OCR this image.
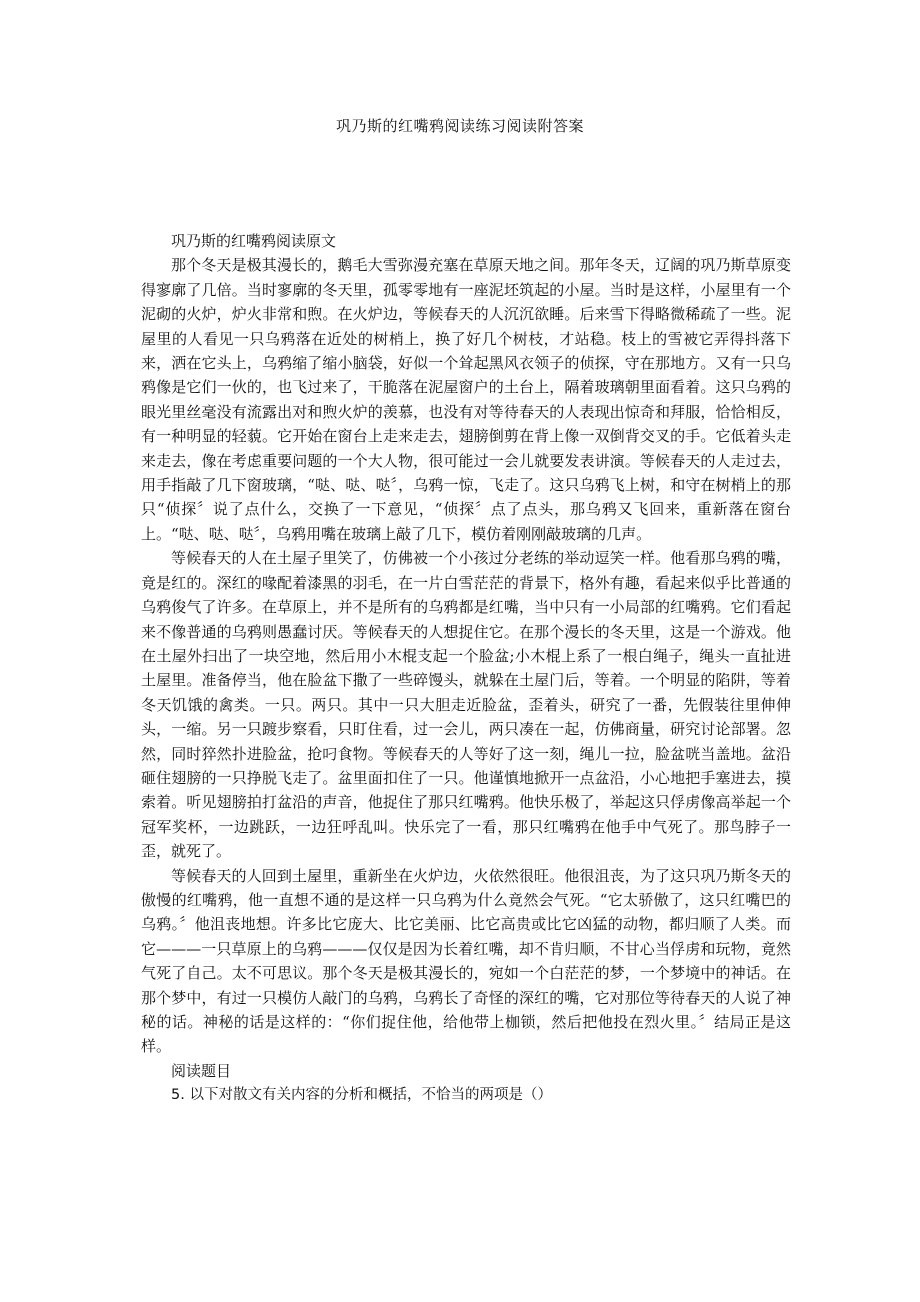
巩乃斯的红嘴鸦阅读练习阅读附答案

巩乃斯的红嘴鸦阅读原文

那个冬天是极其漫长的，鹅毛大雪弥漫充塞在草原天地之间。那年冬天，辽阔的巩乃斯草原变得寥廓了几倍。当时寥廓的冬天里，孤零零地有一座泥坯筑起的小屋。当时是这样，小屋里有一个泥砌的火炉，炉火非常和煦。在火炉边，等候春天的人沉沉欲睡。后来雪下得略微稀疏了一些。泥屋里的人看见一只乌鸦落在近处的树梢上，换了好几个树枝，才站稳。枝上的雪被它弄得抖落下来，洒在它头上，乌鸦缩了缩小脑袋，好似一个耸起黑风衣领子的侦探，守在那地方。又有一只乌鸦像是它们一伙的，也飞过来了，干脆落在泥屋窗户的土台上，隔着玻璃朝里面看着。这只乌鸦的眼光里丝毫没有流露出对和煦火炉的羡慕，也没有对等待春天的人表现出惊奇和拜服，恰恰相反，有一种明显的轻藐。它开始在窗台上走来走去，翅膀倒剪在背上像一双倒背交叉的手。它低着头走来走去，像在考虑重要问题的一个大人物，很可能过一会儿就要发表讲演。等候春天的人走过去，用手指敲了几下窗玻璃，“哒、哒、哒〞，乌鸦一惊，飞走了。这只乌鸦飞上树，和守在树梢上的那只“侦探〞说了点什么，交换了一下意见，“侦探〞点了点头，那乌鸦又飞回来，重新落在窗台上。“哒、哒、哒〞，乌鸦用嘴在玻璃上敲了几下，模仿着刚刚敲玻璃的几声。

等候春天的人在土屋子里笑了，仿佛被一个小孩过分老练的举动逗笑一样。他看那乌鸦的嘴，竟是红的。深红的喙配着漆黑的羽毛，在一片白雪茫茫的背景下，格外有趣，看起来似乎比普通的乌鸦俊气了许多。在草原上，并不是所有的乌鸦都是红嘴，当中只有一小局部的红嘴鸦。它们看起来不像普通的乌鸦则愚蠢讨厌。等候春天的人想捉住它。在那个漫长的冬天里，这是一个游戏。他在土屋外扫出了一块空地，然后用小木棍支起一个脸盆;小木棍上系了一根白绳子，绳头一直扯进土屋里。准备停当，他在脸盆下撒了一些碎馒头，就躲在土屋门后，等着。一个明显的陷阱，等着冬天饥饿的禽类。一只。两只。其中一只大胆走近脸盆，歪着头，研究了一番，先假装往里伸伸头，一缩。另一只踱步察看，只盯住看，过一会儿，两只凑在一起，仿佛商量，研究讨论部署。忽然，同时猝然扑进脸盆，抢叼食物。等候春天的人等好了这一刻，绳儿一拉，脸盆咣当盖地。盆沿砸住翅膀的一只挣脱飞走了。盆里面扣住了一只。他谨慎地掀开一点盆沿，小心地把手塞进去，摸索着。听见翅膀拍打盆沿的声音，他捉住了那只红嘴鸦。他快乐极了，举起这只俘虏像高举起一个冠军奖杯，一边跳跃，一边狂呼乱叫。快乐完了一看，那只红嘴鸦在他手中气死了。那鸟脖子一歪，就死了。

等候春天的人回到土屋里，重新坐在火炉边，火依然很旺。他很沮丧，为了这只巩乃斯冬天的傲慢的红嘴鸦，他一直想不通的是这样一只乌鸦为什么竟然会气死。“它太骄傲了，这只红嘴巴的乌鸦。〞他沮丧地想。许多比它庞大、比它美丽、比它高贵或比它凶猛的动物，都归顺了人类。而它———一只草原上的乌鸦———仅仅是因为长着红嘴，却不肯归顺，不甘心当俘虏和玩物，竟然气死了自己。太不可思议。那个冬天是极其漫长的，宛如一个白茫茫的梦，一个梦境中的神话。在那个梦中，有过一只模仿人敲门的乌鸦，乌鸦长了奇怪的深红的嘴，它对那位等待春天的人说了神秘的话。神秘的话是这样的：“你们捉住他，给他带上枷锁，然后把他投在烈火里。〞结局正是这样。

阅读题目

5. 以下对散文有关内容的分析和概括，不恰当的两项是（）
